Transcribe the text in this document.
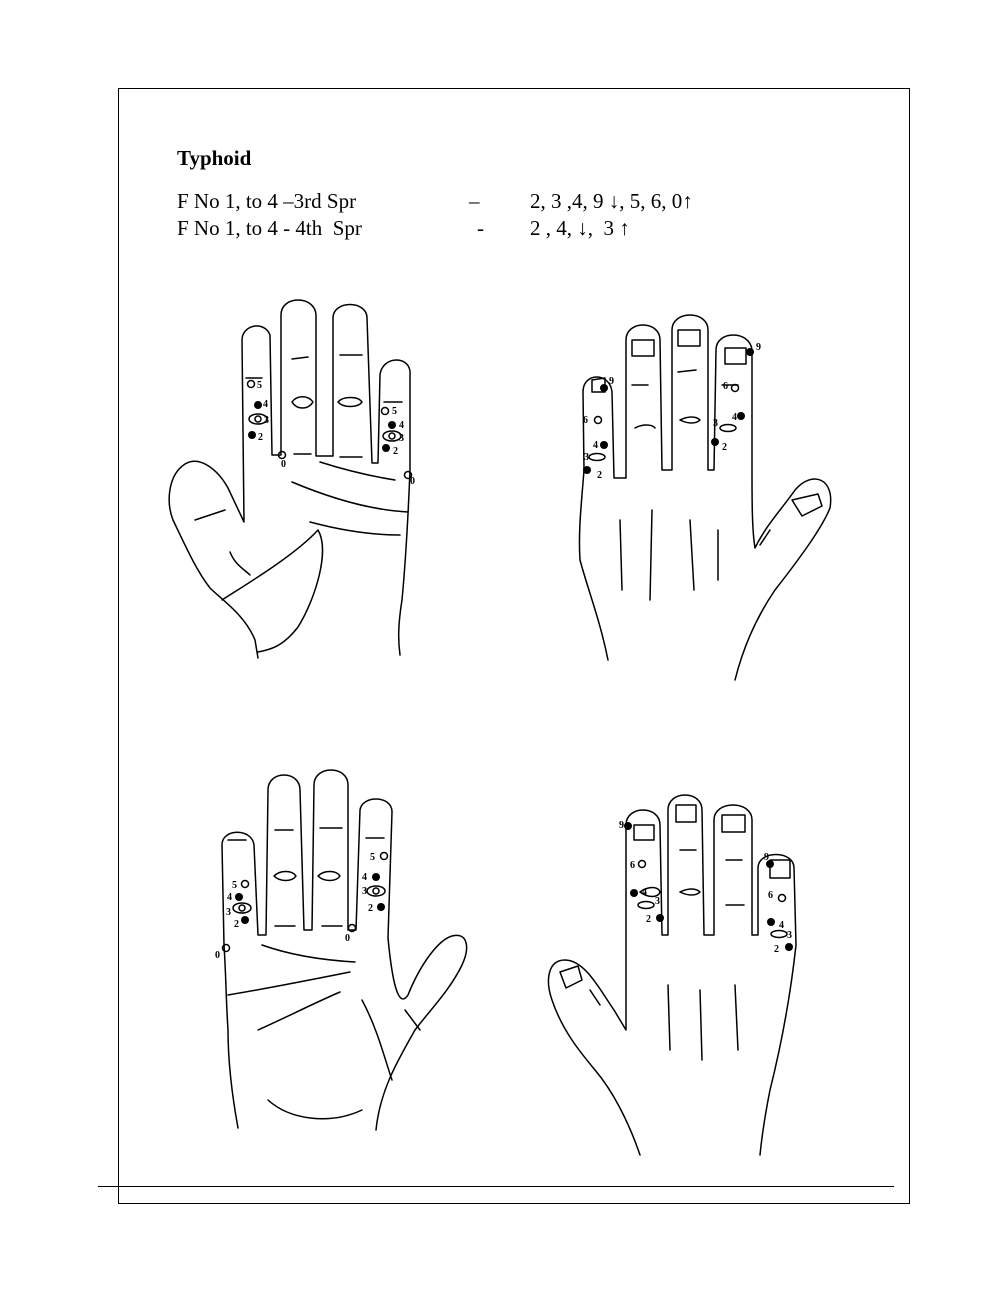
Typhoid

F No 1, to 4 –3rd Spr

	–

2, 3 ,4, 9 ↓, 5, 6, 0↑

F No 1, to 4 - 4th  Spr

	-

2 , 4, ↓,  3 ↑

5
4
3
2
0
5
4
3
2
0
9
6
4
3
2
9
6
4
3
2
5
4
3
2
0
5
4
3
2
0
9
6
4
3
2
9
6
4
3
2
